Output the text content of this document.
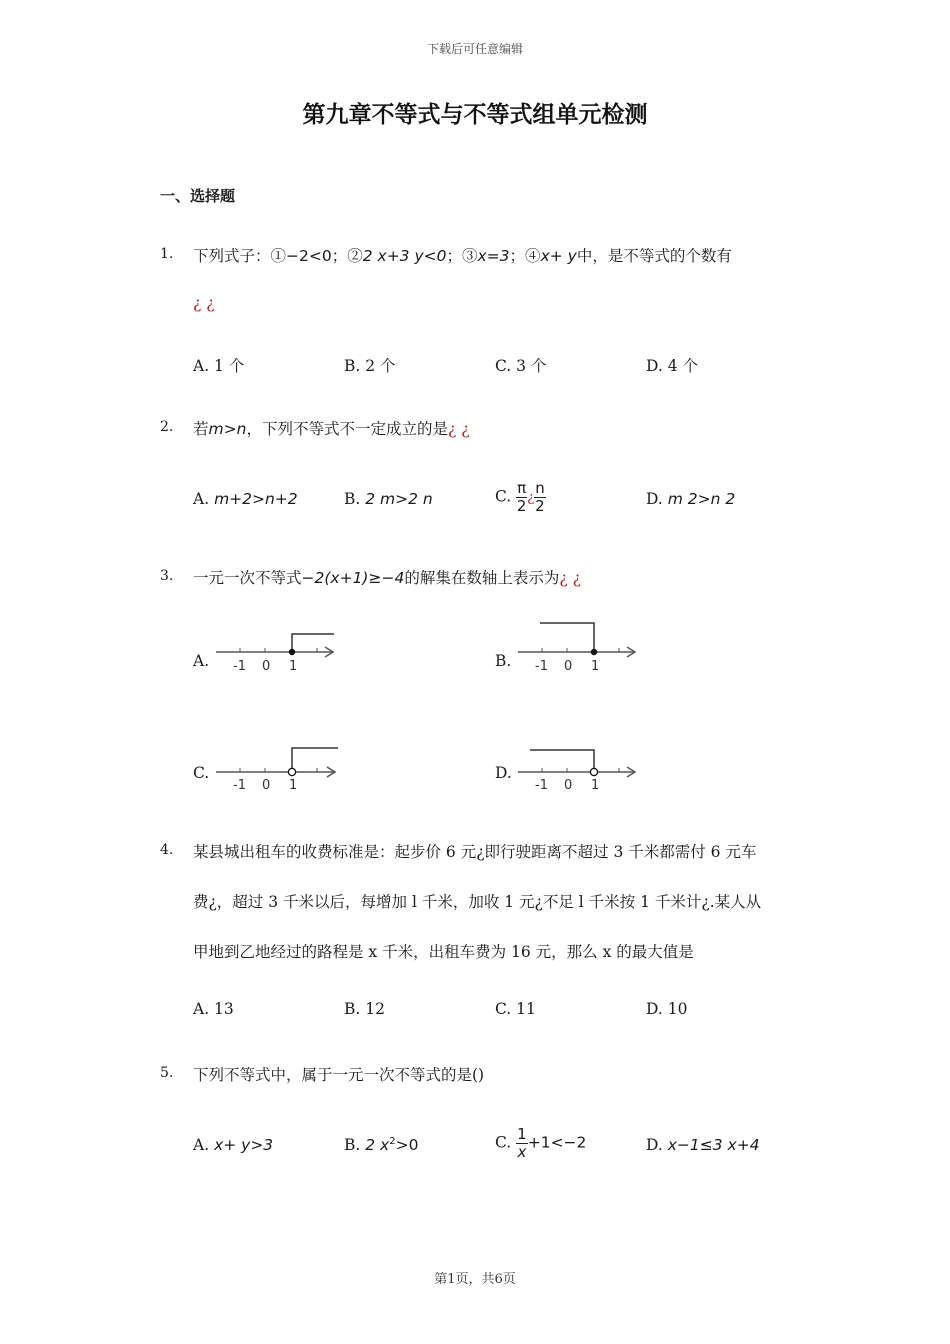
下载后可任意编辑
第九章不等式与不等式组单元检测
一、选择题
1. 下列式子：①−2<0；②2 x+3 y<0；③x=3；④x+ y中，是不等式的个数有
¿ ¿
A. 1 个	B. 2 个	C. 3 个	D. 4 个
2. 若m>n，下列不等式不一定成立的是¿ ¿
A. m+2>n+2	B. 2 m>2 n	C. $\frac{\pi}{2}$ ¿ $\frac{n}{2}$	D. m 2>n 2
3. 一元一次不等式−2(x+1)≥−4的解集在数轴上表示为¿ ¿
A. -1 0 1	B. -1 0 1
C.
-1 0 1
D.
-1 0 1
4. 某县城出租车的收费标准是：起步价 6 元¿即行驶距离不超过 3 千米都需付 6 元车
费¿，超过 3 千米以后，每增加 l 千米，加收 1 元¿不足 l 千米按 1 千米计¿.某人从
甲地到乙地经过的路程是 x 千米，出租车费为 16 元，那么 x 的最大值是
A. 13	B. 12	C. 11	D. 10
5. 下列不等式中，属于一元一次不等式的是()
A. x+ y>3	B. 2 $x^2>0$	C. $\frac{1}{x} +1<-2$	D. x−1≤3 x+4
第1页，共6页
